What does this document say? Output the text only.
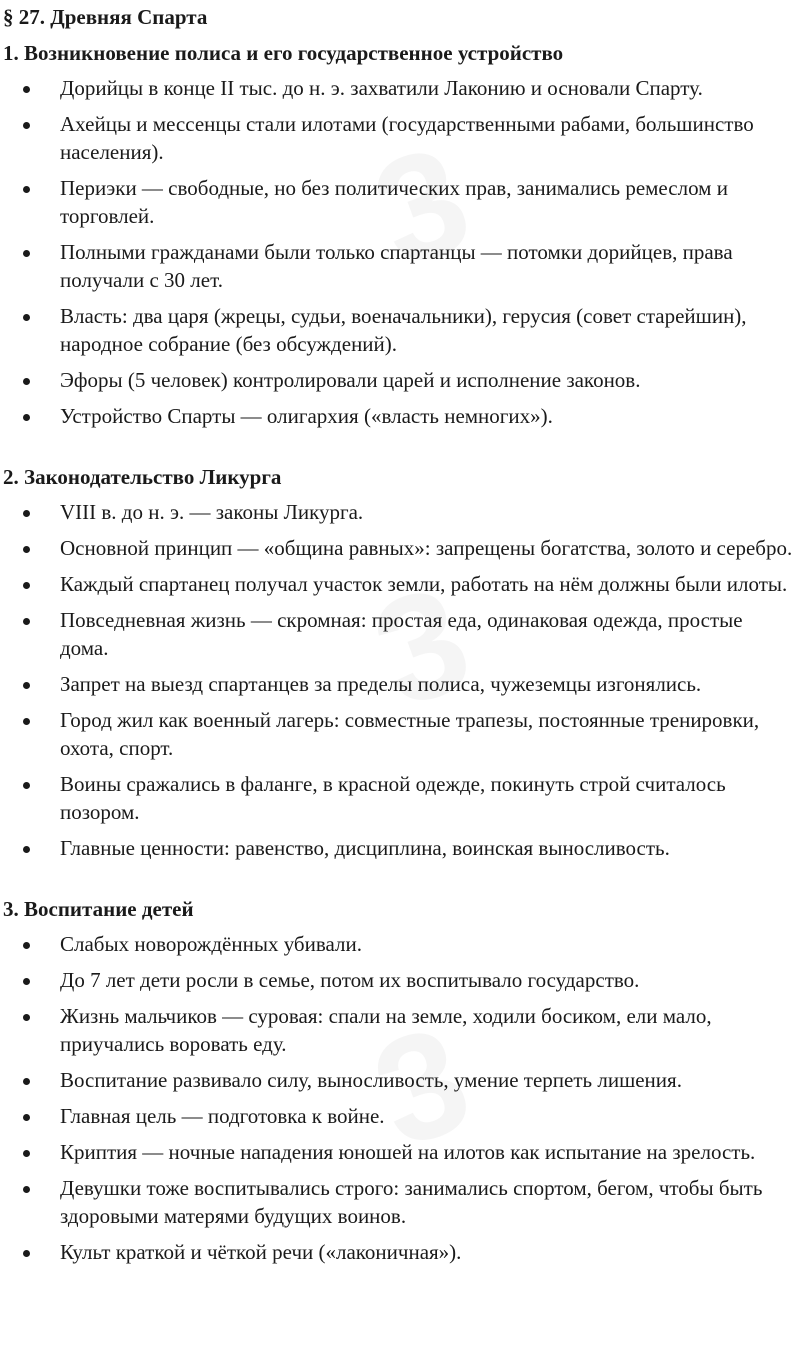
3
3
3
§ 27. Древняя Спарта
1. Возникновение полиса и его государственное устройство
Дорийцы в конце II тыс. до н. э. захватили Лаконию и основали Спарту.
Ахейцы и мессенцы стали илотами (государственными рабами, большинство населения).
Периэки — свободные, но без политических прав, занимались ремеслом и торговлей.
Полными гражданами были только спартанцы — потомки дорийцев, права получали с 30 лет.
Власть: два царя (жрецы, судьи, военачальники), герусия (совет старейшин), народное собрание (без обсуждений).
Эфоры (5 человек) контролировали царей и исполнение законов.
Устройство Спарты — олигархия («власть немногих»).
2. Законодательство Ликурга
VIII в. до н. э. — законы Ликурга.
Основной принцип — «община равных»: запрещены богатства, золото и серебро.
Каждый спартанец получал участок земли, работать на нём должны были илоты.
Повседневная жизнь — скромная: простая еда, одинаковая одежда, простые дома.
Запрет на выезд спартанцев за пределы полиса, чужеземцы изгонялись.
Город жил как военный лагерь: совместные трапезы, постоянные тренировки, охота, спорт.
Воины сражались в фаланге, в красной одежде, покинуть строй считалось позором.
Главные ценности: равенство, дисциплина, воинская выносливость.
3. Воспитание детей
Слабых новорождённых убивали.
До 7 лет дети росли в семье, потом их воспитывало государство.
Жизнь мальчиков — суровая: спали на земле, ходили босиком, ели мало, приучались воровать еду.
Воспитание развивало силу, выносливость, умение терпеть лишения.
Главная цель — подготовка к войне.
Криптия — ночные нападения юношей на илотов как испытание на зрелость.
Девушки тоже воспитывались строго: занимались спортом, бегом, чтобы быть здоровыми матерями будущих воинов.
Культ краткой и чёткой речи («лаконичная»).
